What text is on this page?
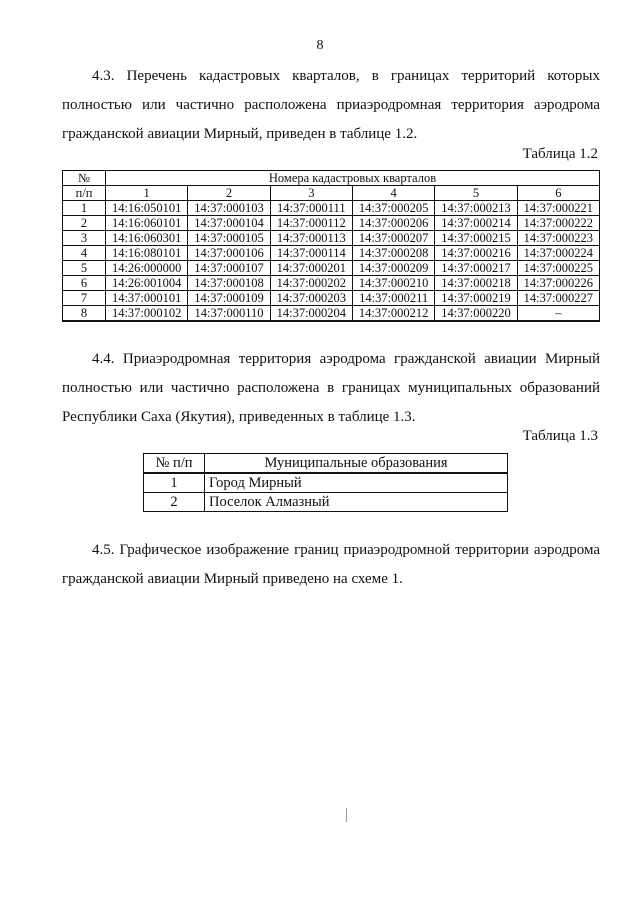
8
4.3. Перечень кадастровых кварталов, в границах территорий которых
полностью или частично расположена приаэродромная территория аэродрома
гражданской авиации Мирный, приведен в таблице 1.2.
Таблица 1.2
№	Номера кадастровых кварталов					
п/п	1	2	3	4	5	6
1	14:16:050101	14:37:000103	14:37:000111	14:37:000205	14:37:000213	14:37:000221
2	14:16:060101	14:37:000104	14:37:000112	14:37:000206	14:37:000214	14:37:000222
3	14:16:060301	14:37:000105	14:37:000113	14:37:000207	14:37:000215	14:37:000223
4	14:16:080101	14:37:000106	14:37:000114	14:37:000208	14:37:000216	14:37:000224
5	14:26:000000	14:37:000107	14:37:000201	14:37:000209	14:37:000217	14:37:000225
6	14:26:001004	14:37:000108	14:37:000202	14:37:000210	14:37:000218	14:37:000226
7	14:37:000101	14:37:000109	14:37:000203	14:37:000211	14:37:000219	14:37:000227
8	14:37:000102	14:37:000110	14:37:000204	14:37:000212	14:37:000220	–
4.4. Приаэродромная территория аэродрома гражданской авиации Мирный
полностью или частично расположена в границах муниципальных образований
Республики Саха (Якутия), приведенных в таблице 1.3.
Таблица 1.3
№ п/п	Муниципальные образования
1	Город Мирный
2	Поселок Алмазный
4.5. Графическое изображение границ приаэродромной территории аэродрома
гражданской авиации Мирный приведено на схеме 1.
